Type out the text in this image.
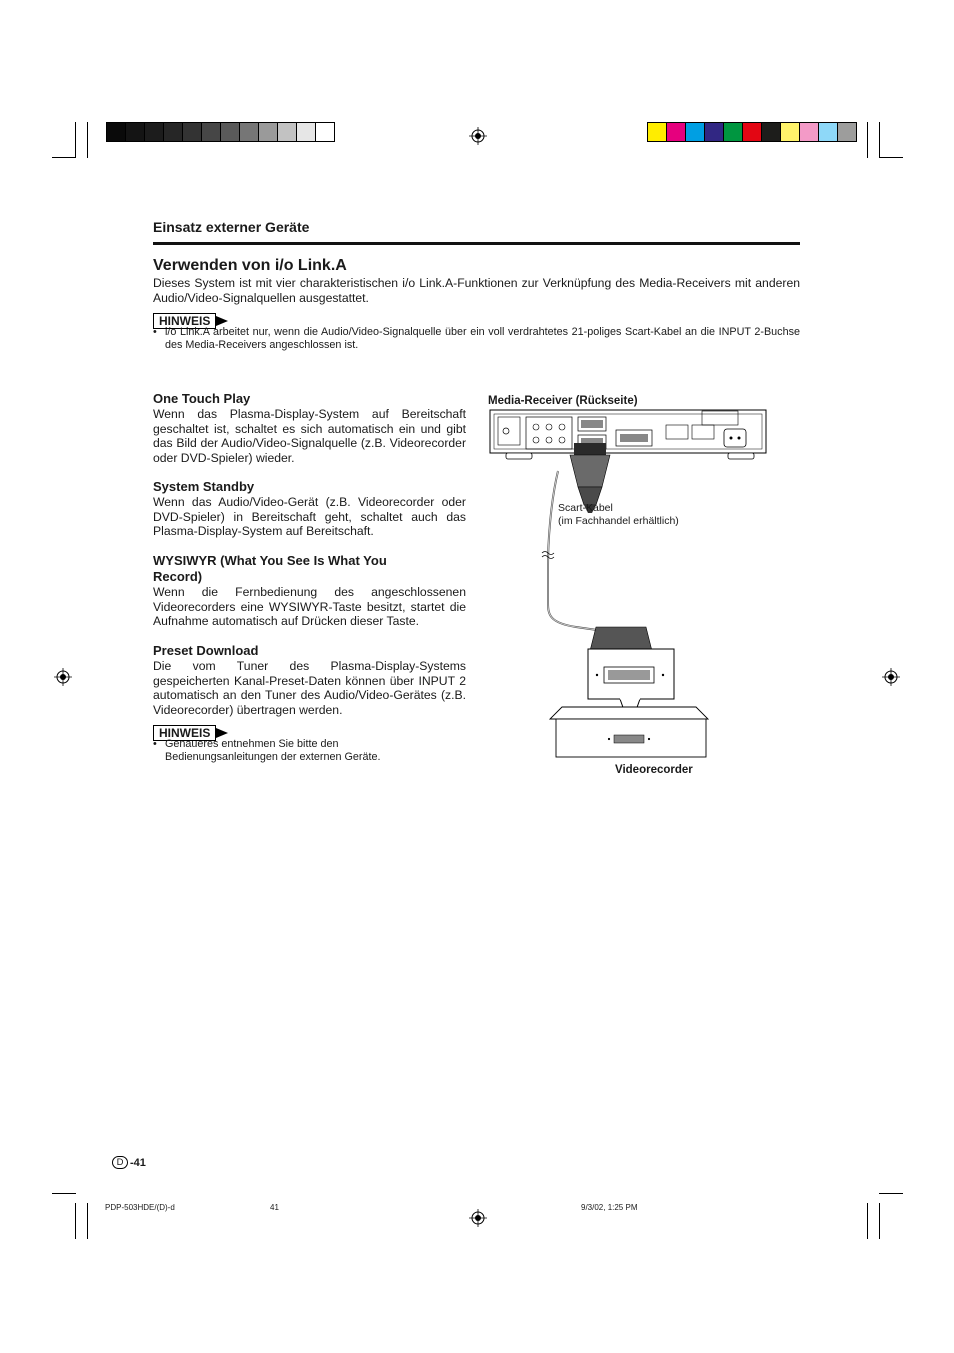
Einsatz externer Geräte
Verwenden von i/o Link.A
Dieses System ist mit vier charakteristischen i/o Link.A-Funktionen zur Verknüpfung des Media-Receivers mit anderen Audio/Video-Signalquellen ausgestattet.
HINWEIS
• i/o Link.A arbeitet nur, wenn die Audio/Video-Signalquelle über ein voll verdrahtetes 21-poliges Scart-Kabel an die INPUT 2-Buchse des Media-Receivers angeschlossen ist.
One Touch Play
Wenn das Plasma-Display-System auf Bereitschaft geschaltet ist, schaltet es sich automatisch ein und gibt das Bild der Audio/Video-Signalquelle (z.B. Videorecorder oder DVD-Spieler) wieder.
System Standby
Wenn das Audio/Video-Gerät (z.B. Videorecorder oder DVD-Spieler) in Bereitschaft geht, schaltet auch das Plasma-Display-System auf Bereitschaft.
WYSIWYR (What You See Is What You Record)
Wenn die Fernbedienung des angeschlossenen Videorecorders eine WYSIWYR-Taste besitzt, startet die Aufnahme automatisch auf Drücken dieser Taste.
Preset Download
Die vom Tuner des Plasma-Display-Systems gespeicherten Kanal-Preset-Daten können über INPUT 2 automatisch an den Tuner des Audio/Video-Gerätes (z.B. Videorecorder) übertragen werden.
HINWEIS
• Genaueres entnehmen Sie bitte den Bedienungsanleitungen der externen Geräte.
Media-Receiver (Rückseite)
Scart-Kabel
(im Fachhandel erhältlich)
Videorecorder
D -41
PDP-503HDE/(D)-d	41	9/3/02, 1:25 PM
